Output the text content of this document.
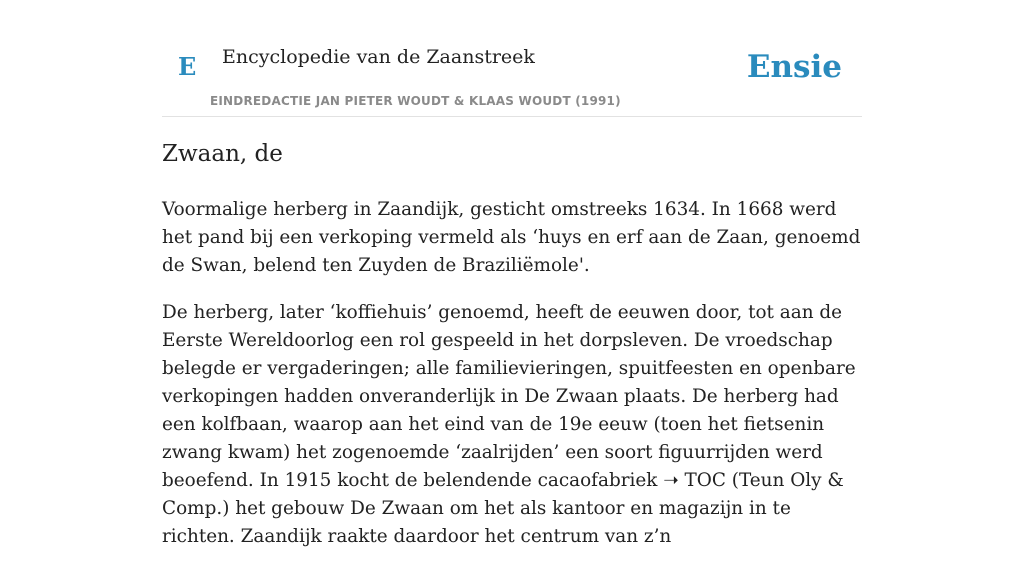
E Encyclopedie van de Zaanstreek
EINDREDACTIE JAN PIETER WOUDT & KLAAS WOUDT (1991)
Ensie
Zwaan, de

Voormalige herberg in Zaandijk, gesticht omstreeks 1634. In 1668 werd het pand bij een verkoping vermeld als ‘huys en erf aan de Zaan, genoemd de Swan, belend ten Zuyden de Braziliëmole'.

De herberg, later ‘koffiehuis’ genoemd, heeft de eeuwen door, tot aan de Eerste Wereldoorlog een rol gespeeld in het dorpsleven. De vroedschap belegde er vergaderingen; alle familievieringen, spuitfeesten en openbare verkopingen hadden onveranderlijk in De Zwaan plaats. De herberg had een kolfbaan, waarop aan het eind van de 19e eeuw (toen het fietsenin zwang kwam) het zogenoemde ‘zaalrijden’ een soort figuurrijden werd beoefend. In 1915 kocht de belendende cacaofabriek ➝ TOC (Teun Oly & Comp.) het gebouw De Zwaan om het als kantoor en magazijn in te richten. Zaandijk raakte daardoor het centrum van z’n
